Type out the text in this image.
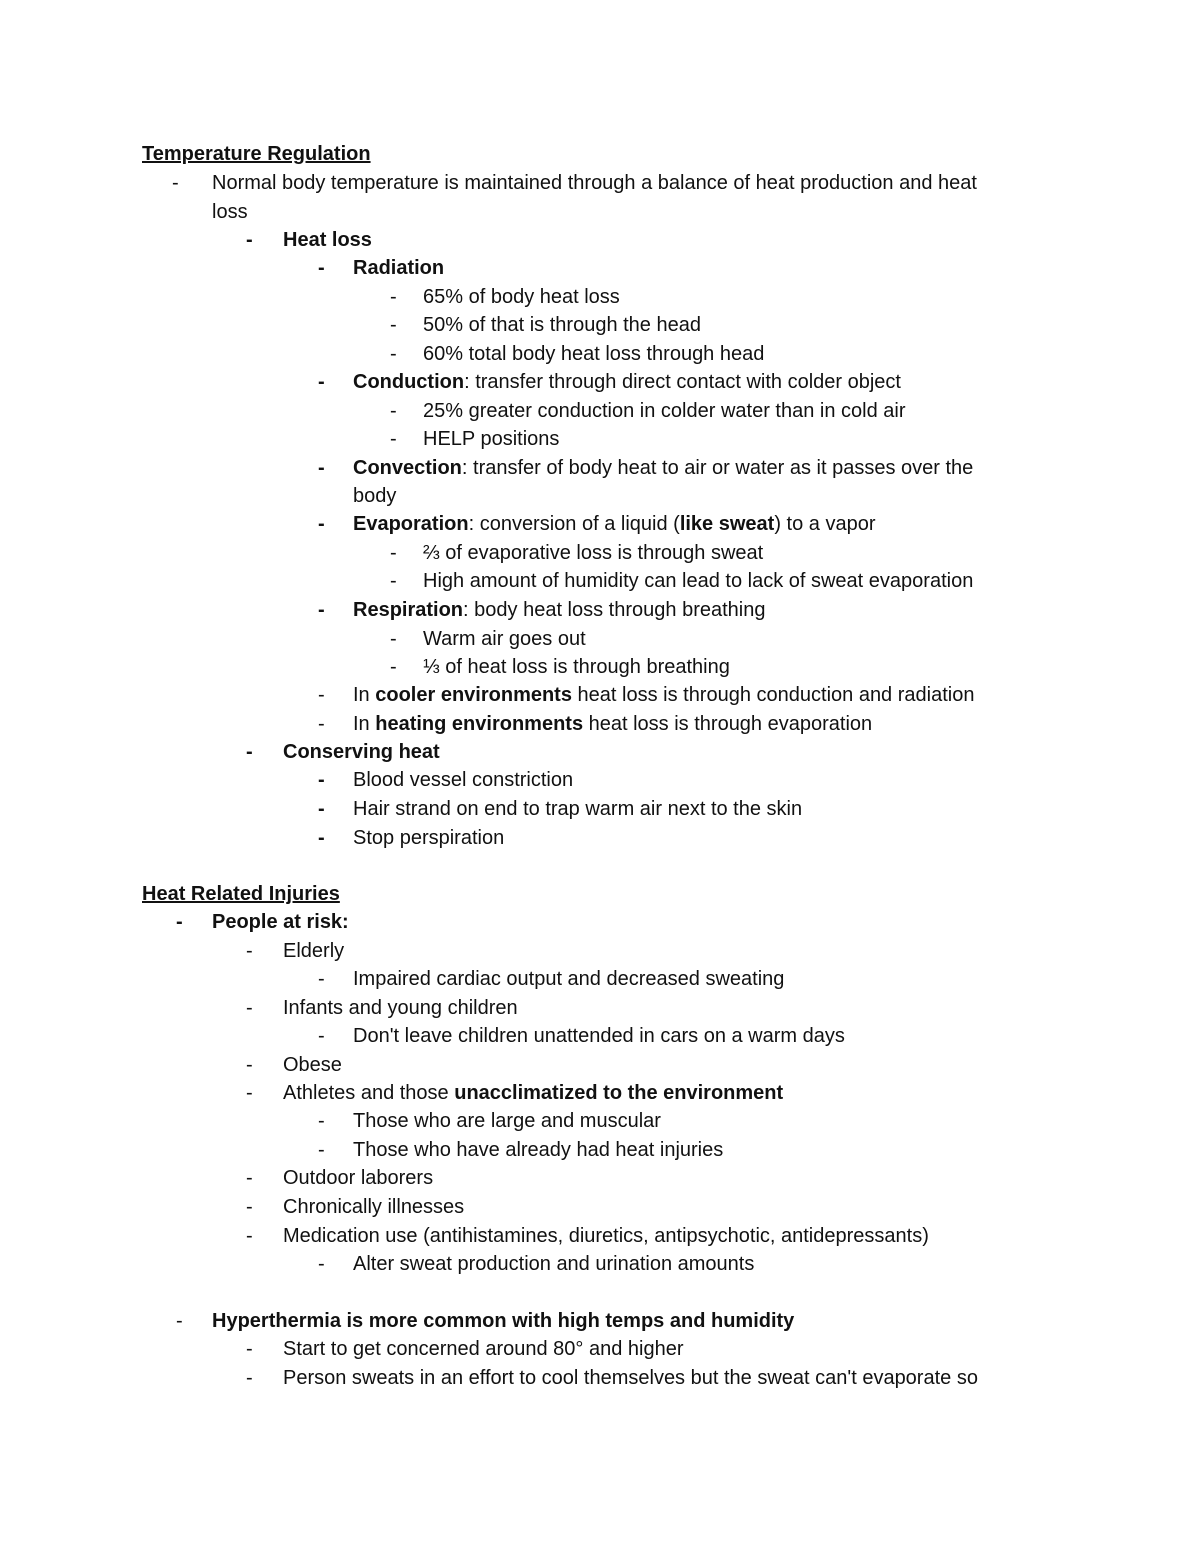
Temperature Regulation
-	Normal body temperature is maintained through a balance of heat production and heat
loss
-	Heat loss
-	Radiation
-	65% of body heat loss
-	50% of that is through the head
-	60% total body heat loss through head
-	Conduction: transfer through direct contact with colder object
-	25% greater conduction in colder water than in cold air
-	HELP positions
-	Convection: transfer of body heat to air or water as it passes over the
body
-	Evaporation: conversion of a liquid (like sweat) to a vapor
-	⅔ of evaporative loss is through sweat
-	High amount of humidity can lead to lack of sweat evaporation
-	Respiration: body heat loss through breathing
-	Warm air goes out
-	⅓ of heat loss is through breathing
-	In cooler environments heat loss is through conduction and radiation
-	In heating environments heat loss is through evaporation
-	Conserving heat
-	Blood vessel constriction
-	Hair strand on end to trap warm air next to the skin
-	Stop perspiration
Heat Related Injuries
-	People at risk:
-	Elderly
-	Impaired cardiac output and decreased sweating
-	Infants and young children
-	Don't leave children unattended in cars on a warm days
-	Obese
-	Athletes and those unacclimatized to the environment
-	Those who are large and muscular
-	Those who have already had heat injuries
-	Outdoor laborers
-	Chronically illnesses
-	Medication use (antihistamines, diuretics, antipsychotic, antidepressants)
-	Alter sweat production and urination amounts
-	Hyperthermia is more common with high temps and humidity
-	Start to get concerned around 80° and higher
-	Person sweats in an effort to cool themselves but the sweat can't evaporate so
